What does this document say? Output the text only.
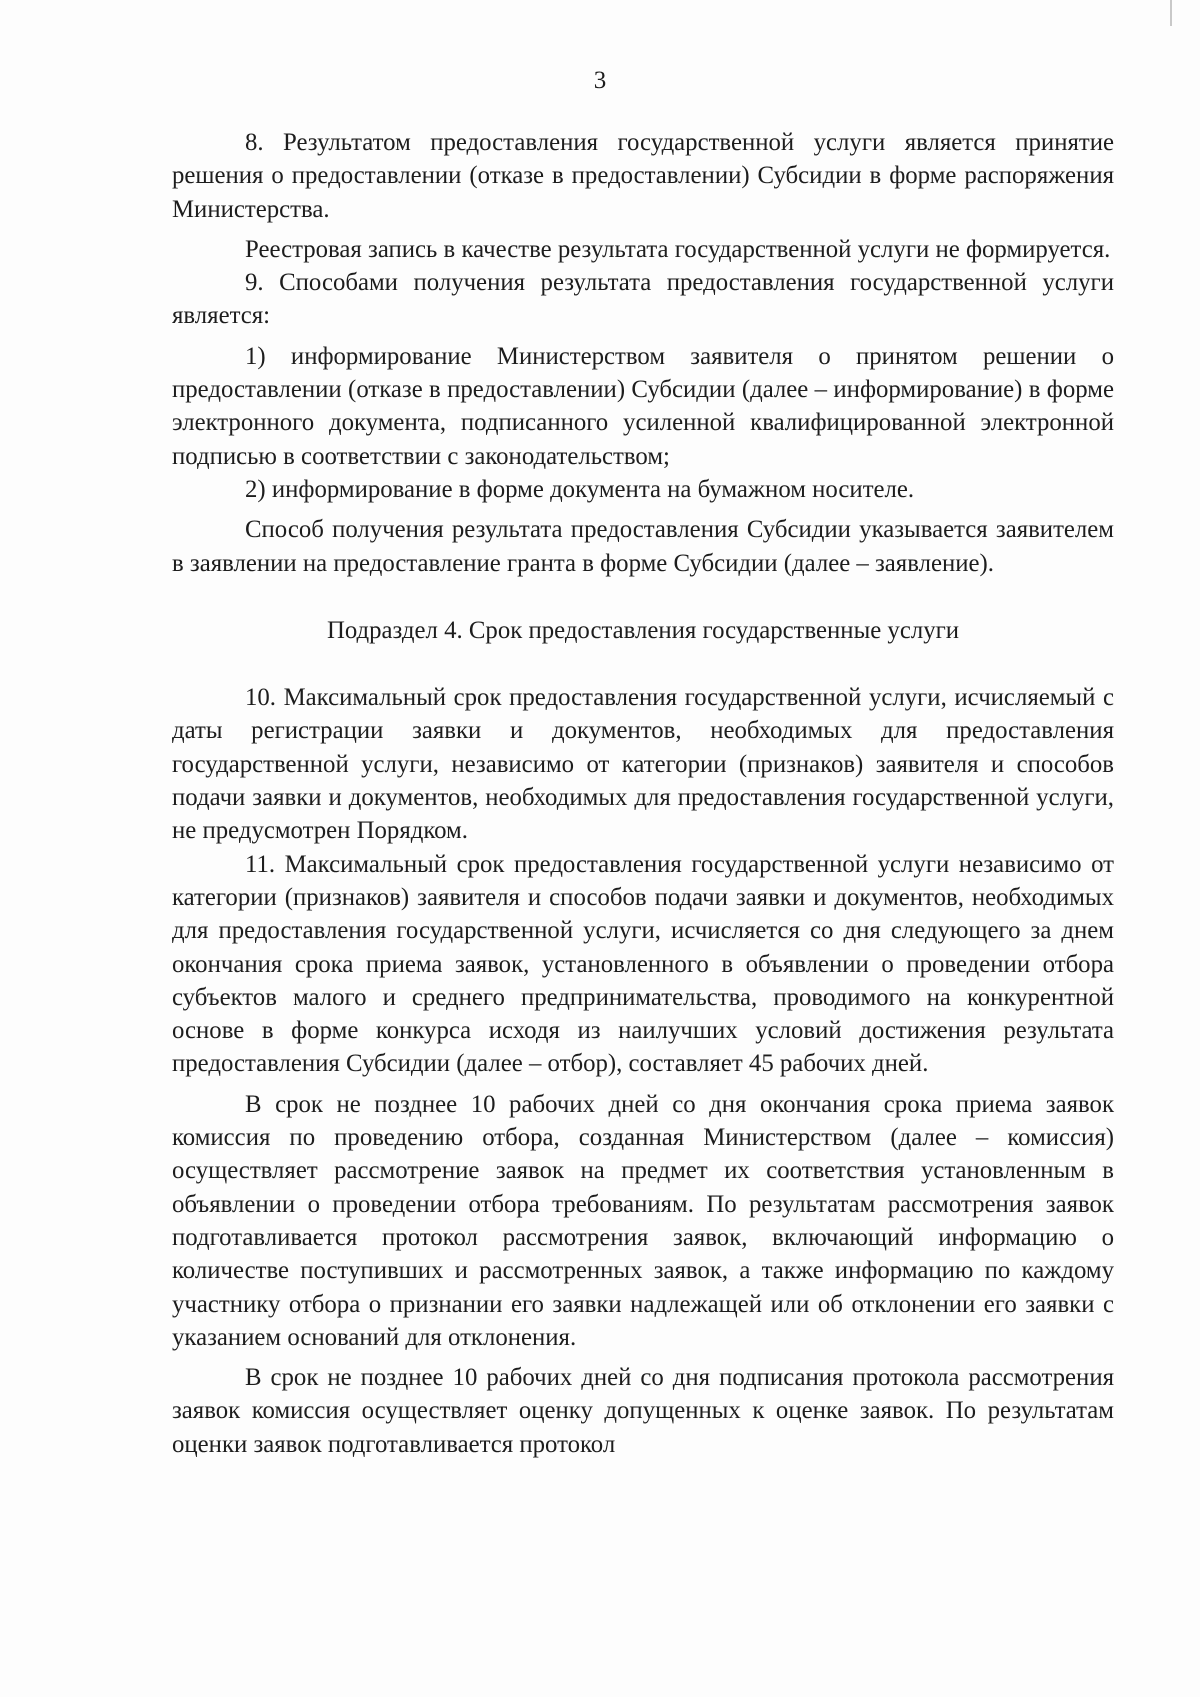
3

8. Результатом предоставления государственной услуги является принятие решения о предоставлении (отказе в предоставлении) Субсидии в форме распоряжения Министерства.

Реестровая запись в качестве результата государственной услуги не формируется.

9. Способами получения результата предоставления государственной услуги является:

1) информирование Министерством заявителя о принятом решении о предоставлении (отказе в предоставлении) Субсидии (далее – информирование) в форме электронного документа, подписанного усиленной квалифицированной электронной подписью в соответствии с законодательством;

2) информирование в форме документа на бумажном носителе.

Способ получения результата предоставления Субсидии указывается заявителем в заявлении на предоставление гранта в форме Субсидии (далее – заявление).

Подраздел 4. Срок предоставления государственные услуги

10. Максимальный срок предоставления государственной услуги, исчисляемый с даты регистрации заявки и документов, необходимых для предоставления государственной услуги, независимо от категории (признаков) заявителя и способов подачи заявки и документов, необходимых для предоставления государственной услуги, не предусмотрен Порядком.

11. Максимальный срок предоставления государственной услуги независимо от категории (признаков) заявителя и способов подачи заявки и документов, необходимых для предоставления государственной услуги, исчисляется со дня следующего за днем окончания срока приема заявок, установленного в объявлении о проведении отбора субъектов малого и среднего предпринимательства, проводимого на конкурентной основе в форме конкурса исходя из наилучших условий достижения результата предоставления Субсидии (далее – отбор), составляет 45 рабочих дней.

В срок не позднее 10 рабочих дней со дня окончания срока приема заявок комиссия по проведению отбора, созданная Министерством (далее – комиссия) осуществляет рассмотрение заявок на предмет их соответствия установленным в объявлении о проведении отбора требованиям. По результатам рассмотрения заявок подготавливается протокол рассмотрения заявок, включающий информацию о количестве поступивших и рассмотренных заявок, а также информацию по каждому участнику отбора о признании его заявки надлежащей или об отклонении его заявки с указанием оснований для отклонения.

В срок не позднее 10 рабочих дней со дня подписания протокола рассмотрения заявок комиссия осуществляет оценку допущенных к оценке заявок. По результатам оценки заявок подготавливается протокол
